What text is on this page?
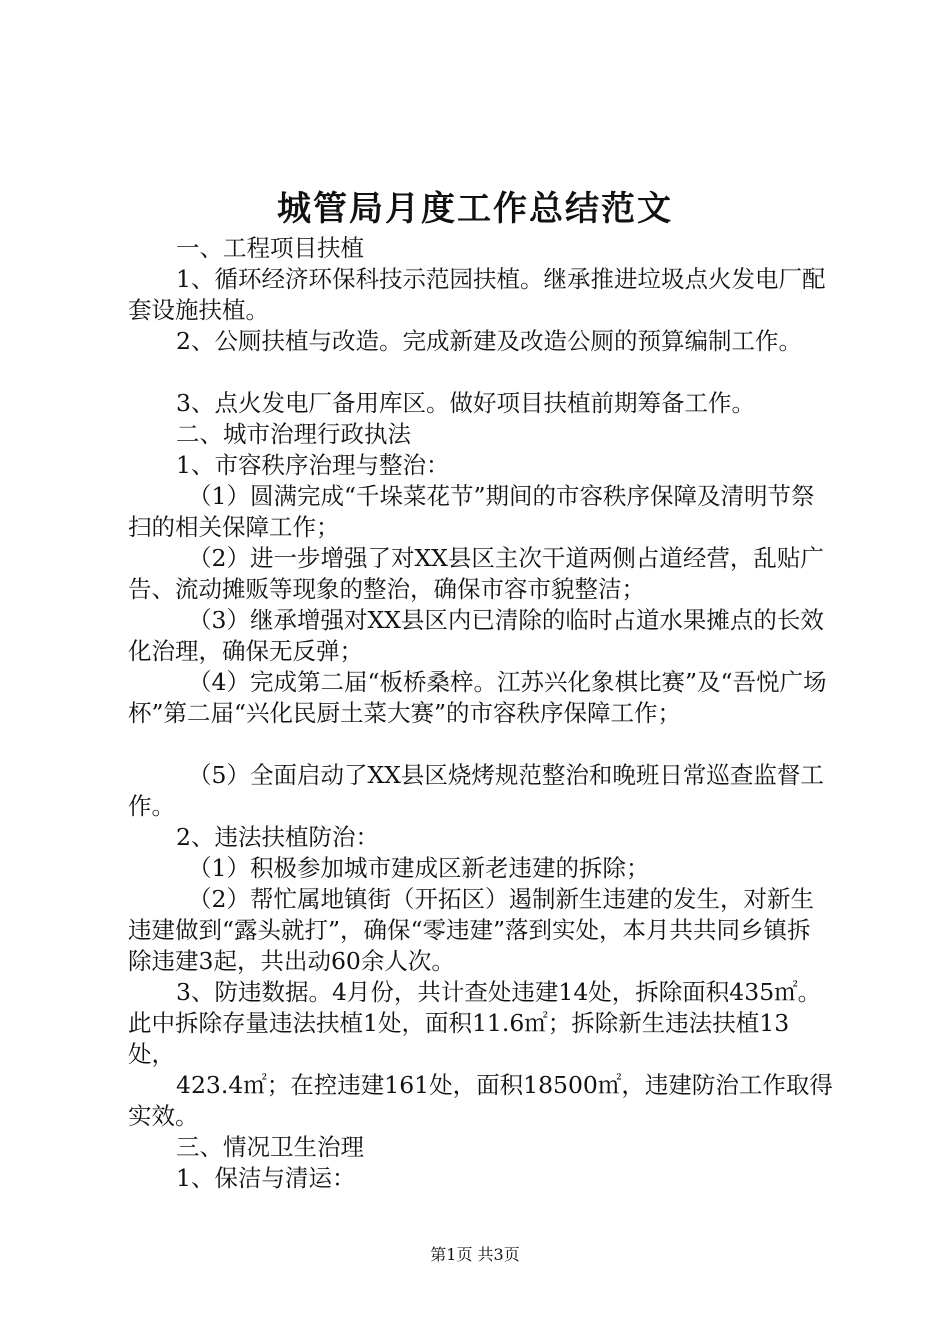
城管局月度工作总结范文

一、工程项目扶植

1、循环经济环保科技示范园扶植。继承推进垃圾点火发电厂配套设施扶植。

2、公厕扶植与改造。完成新建及改造公厕的预算编制工作。

3、点火发电厂备用库区。做好项目扶植前期筹备工作。

二、城市治理行政执法

1、市容秩序治理与整治：

（1）圆满完成“千垛菜花节”期间的市容秩序保障及清明节祭扫的相关保障工作；

（2）进一步增强了对XX县区主次干道两侧占道经营，乱贴广告、流动摊贩等现象的整治，确保市容市貌整洁；

（3）继承增强对XX县区内已清除的临时占道水果摊点的长效化治理，确保无反弹；

（4）完成第二届“板桥桑梓。江苏兴化象棋比赛”及“吾悦广场杯”第二届“兴化民厨土菜大赛”的市容秩序保障工作；

（5）全面启动了XX县区烧烤规范整治和晚班日常巡查监督工作。

2、违法扶植防治：

（1）积极参加城市建成区新老违建的拆除；

（2）帮忙属地镇街（开拓区）遏制新生违建的发生，对新生违建做到“露头就打”，确保“零违建”落到实处，本月共共同乡镇拆除违建3起，共出动60余人次。

3、防违数据。4月份，共计查处违建14处，拆除面积435㎡。此中拆除存量违法扶植1处，面积11.6㎡；拆除新生违法扶植13处，

423.4㎡；在控违建161处，面积18500㎡，违建防治工作取得实效。

三、情况卫生治理

1、保洁与清运：

第1页 共3页
